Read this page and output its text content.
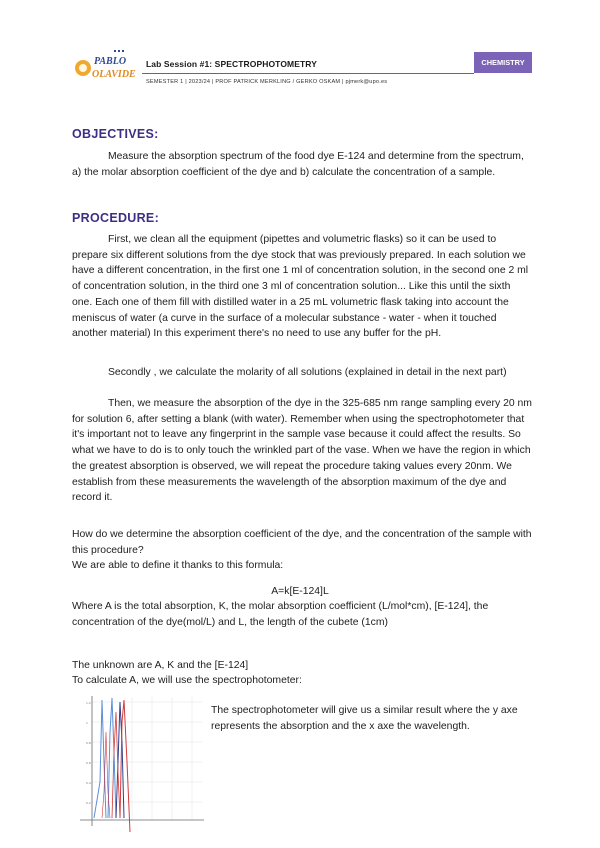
PABLO
OLAVIDE
Lab Session #1: SPECTROPHOTOMETRY
SEMESTER 1 | 2023/24 | PROF PATRICK MERKLING / GERKO OSKAM | pjmerk@upo.es
CHEMISTRY
OBJECTIVES:
Measure the absorption spectrum of the food dye E-124 and determine from the spectrum, a) the molar absorption coefficient of the dye and b) calculate the concentration of a sample.
PROCEDURE:
First, we clean all the equipment (pipettes and volumetric flasks) so it can be used to prepare six different solutions from the dye stock that was previously prepared. In each solution we have a different concentration, in the first one 1 ml of concentration solution, in the second one 2 ml of concentration solution, in the third one 3 ml of concentration solution... Like this until the sixth one. Each one of them fill with distilled water in a 25 mL volumetric flask taking into account the meniscus of water (a curve in the surface of a molecular substance - water - when it touched another material) In this experiment there's no need to use any buffer for the pH.
Secondly , we calculate the molarity of all solutions (explained in detail in the next part)
Then, we measure the absorption of the dye in the 325-685 nm range sampling every 20 nm for solution 6, after setting a blank (with water). Remember when using the spectrophotometer that it's important not to leave any fingerprint in the sample vase because it could affect the results. So what we have to do is to only touch the wrinkled part of the vase. When we have the region in which the greatest absorption is observed, we will repeat the procedure taking values every 20nm. We establish from these measurements the wavelength of the absorption maximum of the dye and record it.
How do we determine the absorption coefficient of the dye, and the concentration of the sample with this procedure?
We are able to define it thanks to this formula:
A=k[E-124]L
Where A is the total absorption, K, the molar absorption coefficient (L/mol*cm), [E-124], the concentration of the dye(mol/L) and L, the length of the cubete (1cm)
The unknown are A, K and the [E-124]
To calculate A, we will use the spectrophotometer:
1.2
1
0.8
0.6
0.4
0.2
The spectrophotometer will give us a similar result where the y axe represents the absorption and the x axe the wavelength.
